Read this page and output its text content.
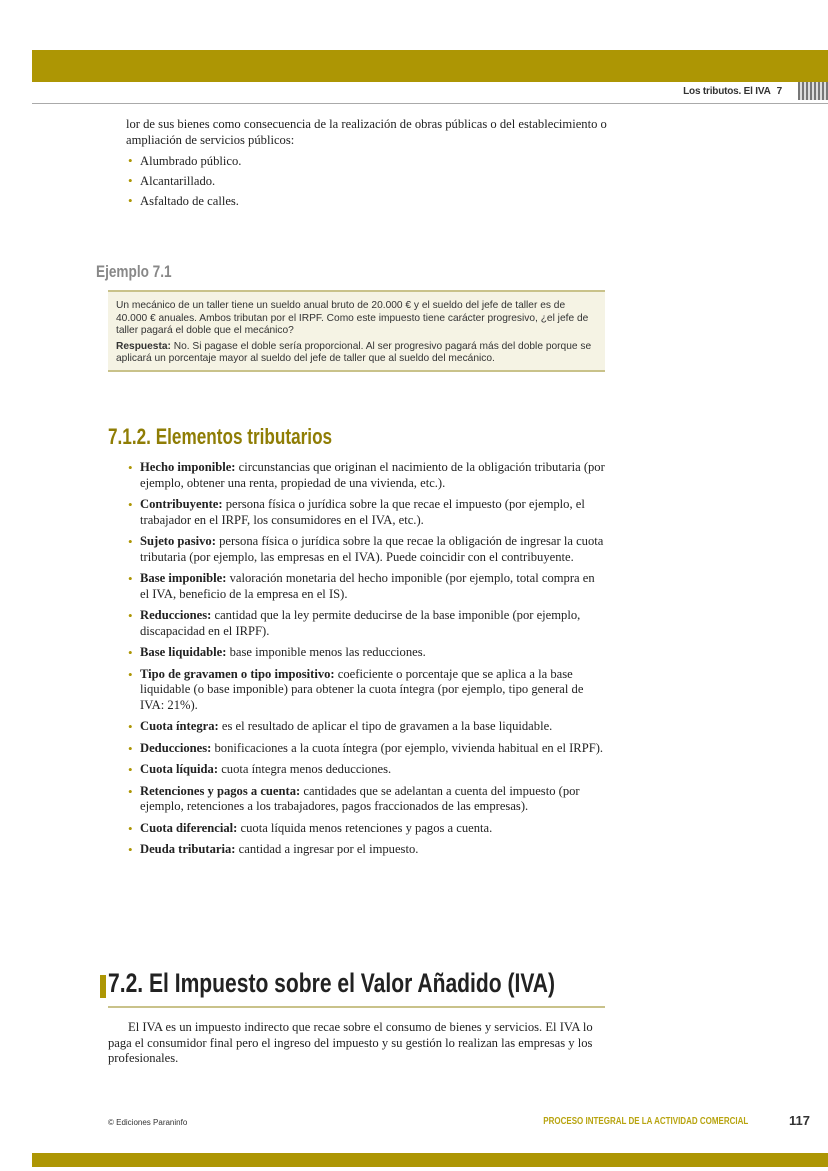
Los tributos. El IVA 7

lor de sus bienes como consecuencia de la realización de obras públicas o del establecimiento o ampliación de servicios públicos:

• Alumbrado público.
• Alcantarillado.
• Asfaltado de calles.
Ejemplo 7.1

Un mecánico de un taller tiene un sueldo anual bruto de 20.000 € y el sueldo del jefe de taller es de 40.000 € anuales. Ambos tributan por el IRPF. Como este impuesto tiene carácter progresivo, ¿el jefe de taller pagará el doble que el mecánico?

Respuesta: No. Si pagase el doble sería proporcional. Al ser progresivo pagará más del doble porque se aplicará un porcentaje mayor al sueldo del jefe de taller que al sueldo del mecánico.

7.1.2. Elementos tributarios
• Hecho imponible: circunstancias que originan el nacimiento de la obligación tributaria (por ejemplo, obtener una renta, propiedad de una vivienda, etc.).
• Contribuyente: persona física o jurídica sobre la que recae el impuesto (por ejemplo, el trabajador en el IRPF, los consumidores en el IVA, etc.).
• Sujeto pasivo: persona física o jurídica sobre la que recae la obligación de ingresar la cuota tributaria (por ejemplo, las empresas en el IVA). Puede coincidir con el contribuyente.
• Base imponible: valoración monetaria del hecho imponible (por ejemplo, total compra en el IVA, beneficio de la empresa en el IS).
• Reducciones: cantidad que la ley permite deducirse de la base imponible (por ejemplo, discapacidad en el IRPF).
• Base liquidable: base imponible menos las reducciones.
• Tipo de gravamen o tipo impositivo: coeficiente o porcentaje que se aplica a la base liquidable (o base imponible) para obtener la cuota íntegra (por ejemplo, tipo general de IVA: 21%).
• Cuota íntegra: es el resultado de aplicar el tipo de gravamen a la base liquidable.
• Deducciones: bonificaciones a la cuota íntegra (por ejemplo, vivienda habitual en el IRPF).
• Cuota líquida: cuota íntegra menos deducciones.
• Retenciones y pagos a cuenta: cantidades que se adelantan a cuenta del impuesto (por ejemplo, retenciones a los trabajadores, pagos fraccionados de las empresas).
• Cuota diferencial: cuota líquida menos retenciones y pagos a cuenta.
• Deuda tributaria: cantidad a ingresar por el impuesto.
7.2. El Impuesto sobre el Valor Añadido (IVA)

El IVA es un impuesto indirecto que recae sobre el consumo de bienes y servicios. El IVA lo paga el consumidor final pero el ingreso del impuesto y su gestión lo realizan las empresas y los profesionales.

© Ediciones Paraninfo	PROCESO INTEGRAL DE LA ACTIVIDAD COMERCIAL	117
